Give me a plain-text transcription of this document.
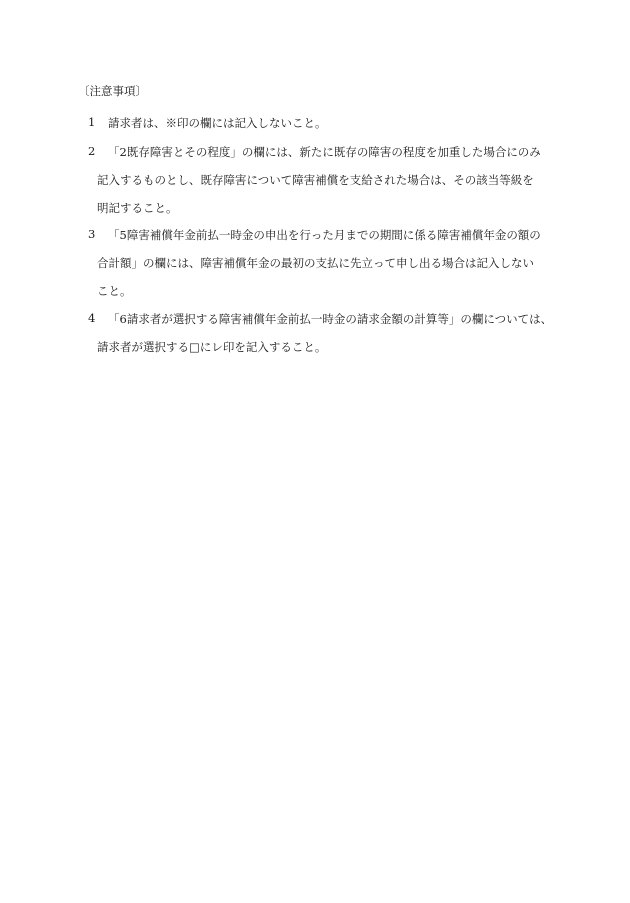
〔注意事項〕
1	請求者は、※印の欄には記入しないこと。
2	「2既存障害とその程度」の欄には、新たに既存の障害の程度を加重した場合にのみ
記入するものとし、既存障害について障害補償を支給された場合は、その該当等級を
明記すること。
3	「5障害補償年金前払一時金の申出を行った月までの期間に係る障害補償年金の額の
合計額」の欄には、障害補償年金の最初の支払に先立って申し出る場合は記入しない
こと。
4	「6請求者が選択する障害補償年金前払一時金の請求金額の計算等」の欄については、
請求者が選択する□にレ印を記入すること。
